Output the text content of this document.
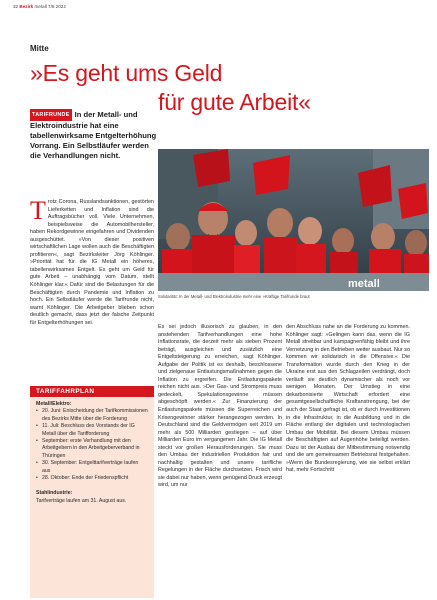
32 Bezirk metall 7/8 2022
Mitte
»Es geht ums Geld
für gute Arbeit«
TARIFRUNDE In der Metall- und Elektroindustrie hat eine tabellenwirksame Entgelterhöhung Vorrang. Ein Selbstläufer werden die Verhandlungen nicht.
metall
Foto: Kai Hübner
Solidarität: In der Metall- und Elektroindustrie mehr eine »Kräftige Tarifrunde braut
Trotz Corona, Russlandsanktionen, gestörten Lieferketten und Inflation sind die Auftragsbücher voll. Viele Unternehmen, beispielsweise die Automobilhersteller, haben Rekordgewinne eingefahren und Dividenden ausgeschüttet. »Von dieser positiven wirtschaftlichen Lage wollen auch die Beschäftigten profitieren«, sagt Bezirksleiter Jörg Köhlinger. »Priorität hat für die IG Metall ein höheres, tabellenwirksames Entgelt. Es geht um Geld für gute Arbeit – unabhängig vom Datum, stellt Köhlinger klar.« Dafür sind die Belastungen für die Beschäftigten durch Pandemie und Inflation zu hoch. Ein Selbstläufer werde die Tarifrunde nicht, warnt Köhlinger. Die Arbeitgeber blieben schon deutlich gemacht, dass jetzt der falsche Zeitpunkt für Entgelterhöhungen sei.
Es sei jedoch illusorisch zu glauben, in den anstehenden Tarifverhandlungen eine hohe Inflationsrate, die derzeit mehr als sieben Prozent beträgt, ausgleichen und zusätzlich eine Entgeltsteigerung zu erreichen, sagt Köhlinger. Aufgabe der Politik ist es deshalb, beschlossene und zielgenaue Entlastungsmaßnahmen gegen die Inflation zu ergreifen. Die Entlastungspakete reichen nicht aus. »Der Gas- und Strompreis muss gedeckelt, Spekulationsgewinne müssen abgeschöpft werden.« Zur Finanzierung der Entlastungspakete müssen die Superreichen und Krisengewinner stärker herangezogen werden. In Deutschland sind die Geldvermögen seit 2019 um mehr als 500 Milliarden gestiegen – auf über Milliarden Euro im vergangenen Jahr. Die IG Metall steckt vor großen Herausforderungen. Sie muss den Umbau der industriellen Produktion fair und nachhaltig gestalten und unsere tarifliche Regelungen in der Fläche durchsetzen. Frisch wird sie dabei nur haben, wenn genügend Druck erzeugt wird, um nur
den Abschluss nahe an die Forderung zu kommen. Köhlinger sagt: »Gelingen kann das, wenn die IG Metall streitbar und kampagnenfähig bleibt und ihre Vernetzung in den Betrieben weiter ausbaut. Nur so kommen wir solidarisch in die Offensive.« Die Transformation wurde durch den Krieg in der Ukraine erst aus den Schlagzeilen verdrängt, doch verläuft sie deutlich dynamischer als noch vor wenigen Monaten. Der Umstieg in eine dekarbonisierte Wirtschaft erfordert eine gesamtgesellschaftliche Kraftanstrengung, bei der auch der Staat gefragt ist, ob er durch Investitionen in die Infrastruktur, in die Ausbildung und in die Fläche entlang der digitalen und technologischen Umbau der Mobilität. Bei diesem Umbau müssen die Beschäftigten auf Augenhöhe beteiligt werden. Dazu ist der Ausbau der Mitbestimmung notwendig und die am gemeinsamen Betriebsrat festgehalten. »Wenn die Bundesregierung, wie sie selbst erklärt hat, mehr Fortschritt
TARIFFAHRPLAN
Metall/Elektro:
• 20. Juni: Entscheidung der Tarifkommissionen des Bezirks Mitte über die Forderung
• 11. Juli: Beschluss des Vorstands der IG Metall über die Tarifforderung
• September: erste Verhandlung mit den Arbeitgebern in den Arbeitgeberverband in Thüringen
• 30. September: Entgelttarifverträge laufen aus
• 28. Oktober: Ende der Friedenspflicht
Stahlindustrie:
Tarifverträge laufen am 31. August aus.
